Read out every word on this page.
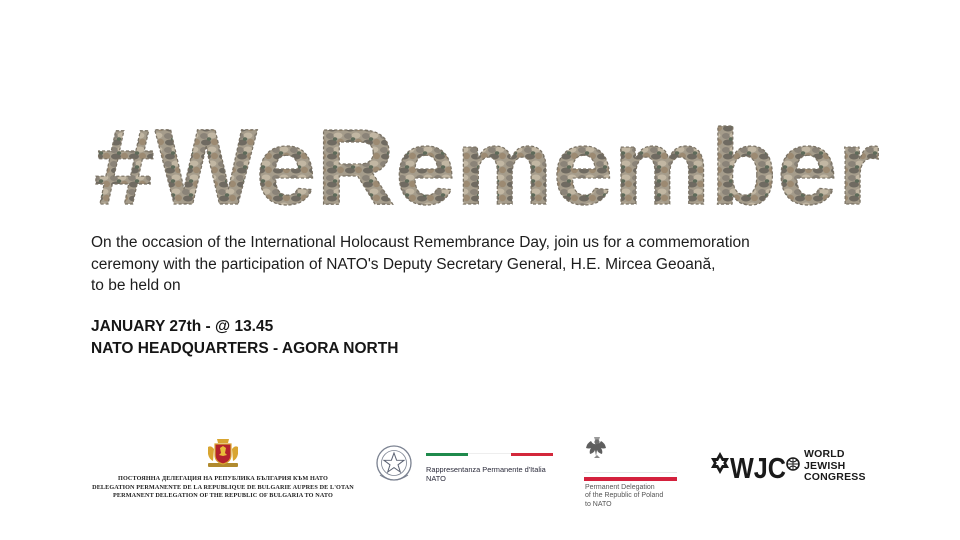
#WeRemember
On the occasion of the International Holocaust Remembrance Day, join us for a commemoration
ceremony with the participation of NATO's Deputy Secretary General, H.E. Mircea Geoană,
to be held on
JANUARY 27th - @ 13.45
NATO HEADQUARTERS - AGORA NORTH
ПОСТОЯННА ДЕЛЕГАЦИЯ НА РЕПУБЛИКА БЪЛГАРИЯ КЪМ НАТО
DELEGATION PERMANENTE DE LA REPUBLIQUE DE BULGARIE AUPRES DE L'OTAN
PERMANENT DELEGATION OF THE REPUBLIC OF BULGARIA TO NATO
Rappresentanza Permanente d'Italia
NATO
Permanent Delegation
of the Republic of Poland
to NATO
WJC WORLD
JEWISH
CONGRESS
